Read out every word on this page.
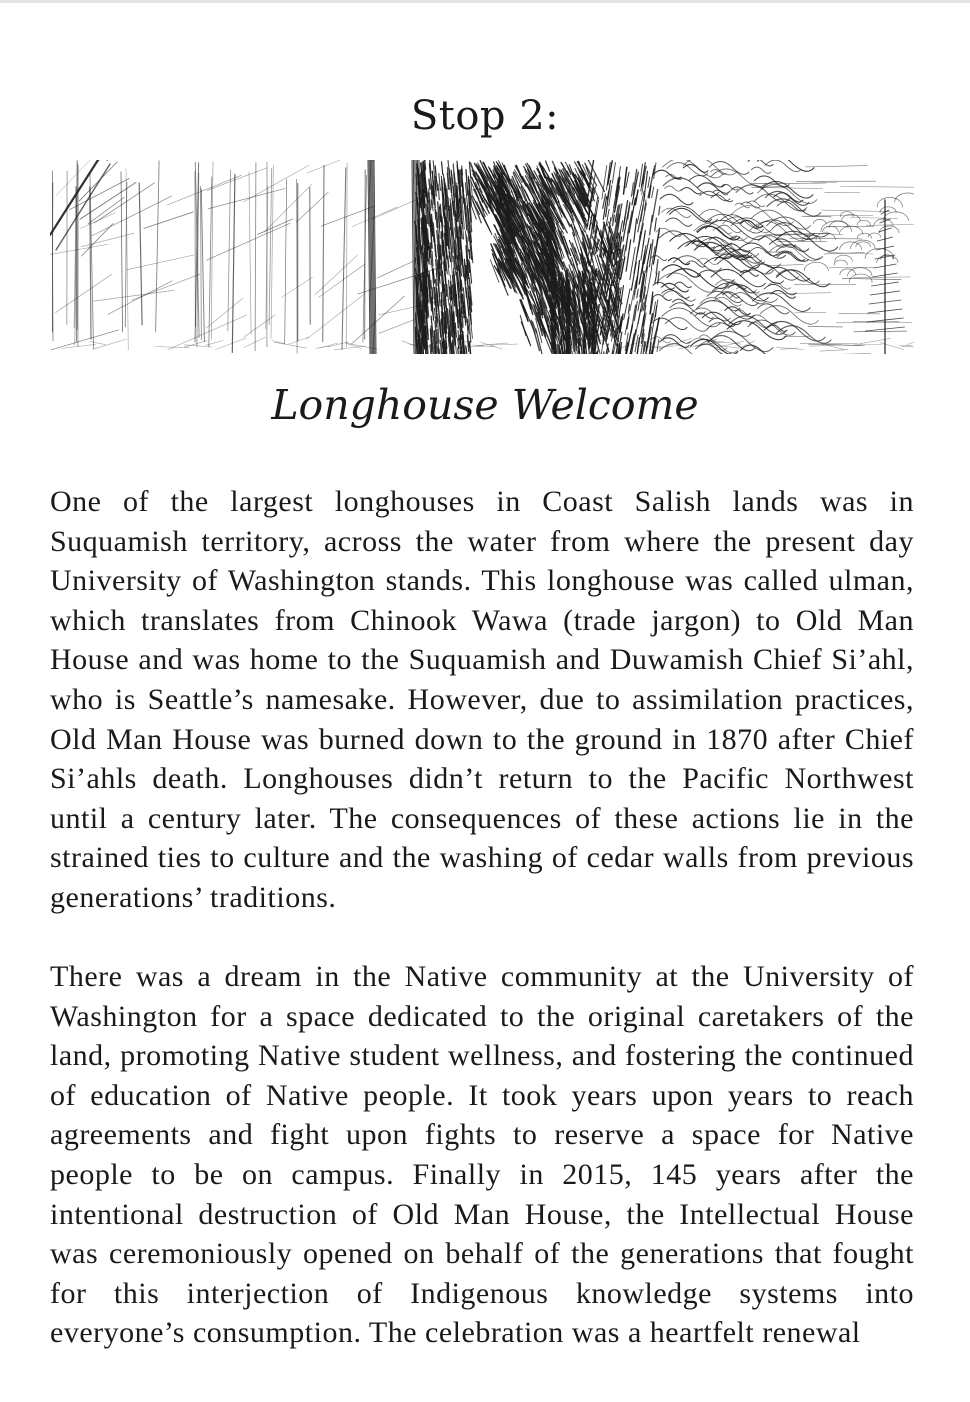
Stop 2:
Longhouse Welcome

One of the largest longhouses in Coast Salish lands was in Suquamish territory, across the water from where the present day University of Washington stands. This longhouse was called ulman, which translates from Chinook Wawa (trade jargon) to Old Man House and was home to the Suquamish and Duwamish Chief Si’ahl, who is Seattle’s namesake. However, due to assimilation practices, Old Man House was burned down to the ground in 1870 after Chief Si’ahls death. Longhouses didn’t return to the Pacific Northwest until a century later. The consequences of these actions lie in the strained ties to culture and the washing of cedar walls from previous generations’ traditions.

There was a dream in the Native community at the University of Washington for a space dedicated to the original caretakers of the land, promoting Native student wellness, and fostering the continued of education of Native people. It took years upon years to reach agreements and fight upon fights to reserve a space for Native people to be on campus. Finally in 2015, 145 years after the intentional destruction of Old Man House, the Intellectual House was ceremoniously opened on behalf of the generations that fought for this interjection of Indigenous knowledge systems into everyone’s consumption. The celebration was a heartfelt renewal
